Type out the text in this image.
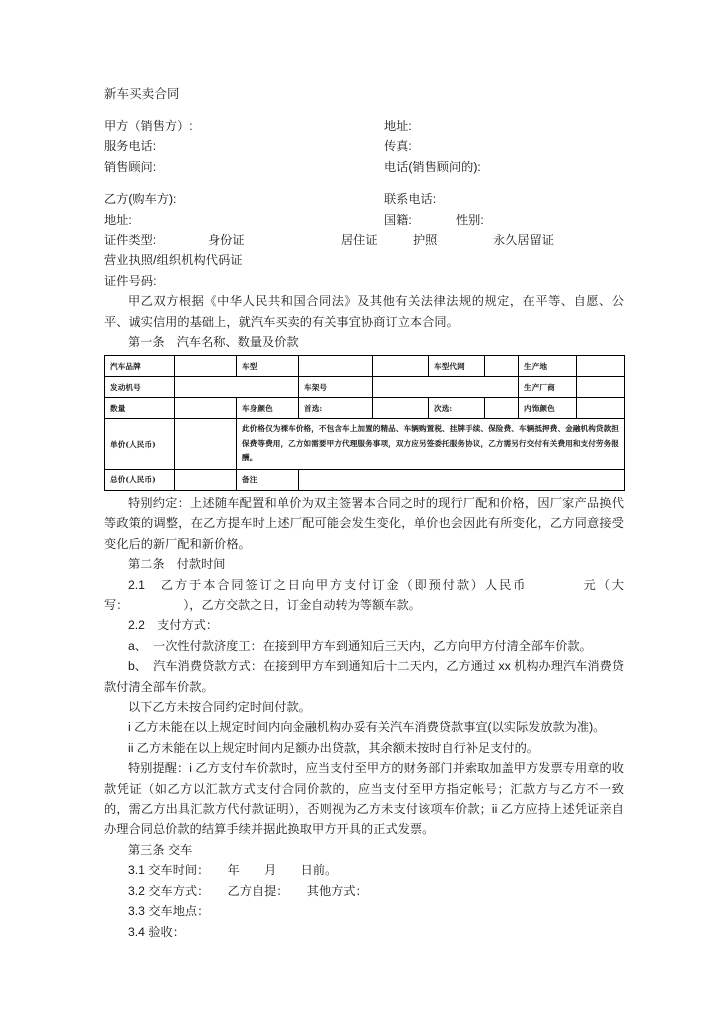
新车买卖合同
甲方（销售方）:	地址:
服务电话:	传真:
销售顾问:	电话(销售顾问的):
乙方(购车方):	联系电话:
地址:	国籍:	性别:
证件类型:	身份证	居住证	护照	永久居留证
营业执照/组织机构代码证
证件号码:
甲乙双方根据《中华人民共和国合同法》及其他有关法律法规的规定，在平等、自愿、公平、诚实信用的基础上，就汽车买卖的有关事宜协商订立本合同。
第一条　汽车名称、数量及价款
汽车品牌		车型			车型代网		生产地	
发动机号			车架号				生产厂商	
数量		车身颜色	首选:		次选:		内饰颜色	
单价(人民币)		此价格仅为裸车价格，不包含车上加置的精品、车辆购置税、挂牌手续、保险费、车辆抵押费、金融机构贷款担保费等费用，乙方如需要甲方代理服务事项，双方应另签委托服务协议，乙方需另行交付有关费用和支付劳务报酬。						
总价(人民币)		备注						
特别约定：上述随车配置和单价为双主签署本合同之时的现行厂配和价格，因厂家产品换代等政策的调整，在乙方提车时上述厂配可能会发生变化，单价也会因此有所变化，乙方同意接受变化后的新厂配和新价格。
第二条　付款时间
2.1　乙方于本合同签订之日向甲方支付订金（即预付款）人民币　　　　元（大写：　　　　　），乙方交款之日，订金自动转为等额车款。
2.2　支付方式：
a、　一次性付款济度工：在接到甲方车到通知后三天内，乙方向甲方付清全部车价款。
b、　汽车消费贷款方式：在接到甲方车到通知后十二天内，乙方通过 xx 机构办理汽车消费贷款付清全部车价款。
以下乙方未按合同约定时间付款。
i 乙方未能在以上规定时间内向金融机构办妥有关汽车消费贷款事宜(以实际发放款为准)。
ii 乙方未能在以上规定时间内足额办出贷款，其余额未按时自行补足支付的。
特别提醒：i 乙方支付车价款时，应当支付至甲方的财务部门并索取加盖甲方发票专用章的收款凭证（如乙方以汇款方式支付合同价款的，应当支付至甲方指定帐号；汇款方与乙方不一致的，需乙方出具汇款方代付款证明），否则视为乙方未支付该项车价款；ii 乙方应持上述凭证亲自办理合同总价款的结算手续并据此换取甲方开具的正式发票。
第三条 交车
3.1 交车时间：　　年　　月　　日前。
3.2 交车方式：　　乙方自提：　　其他方式：
3.3 交车地点：
3.4 验收：
